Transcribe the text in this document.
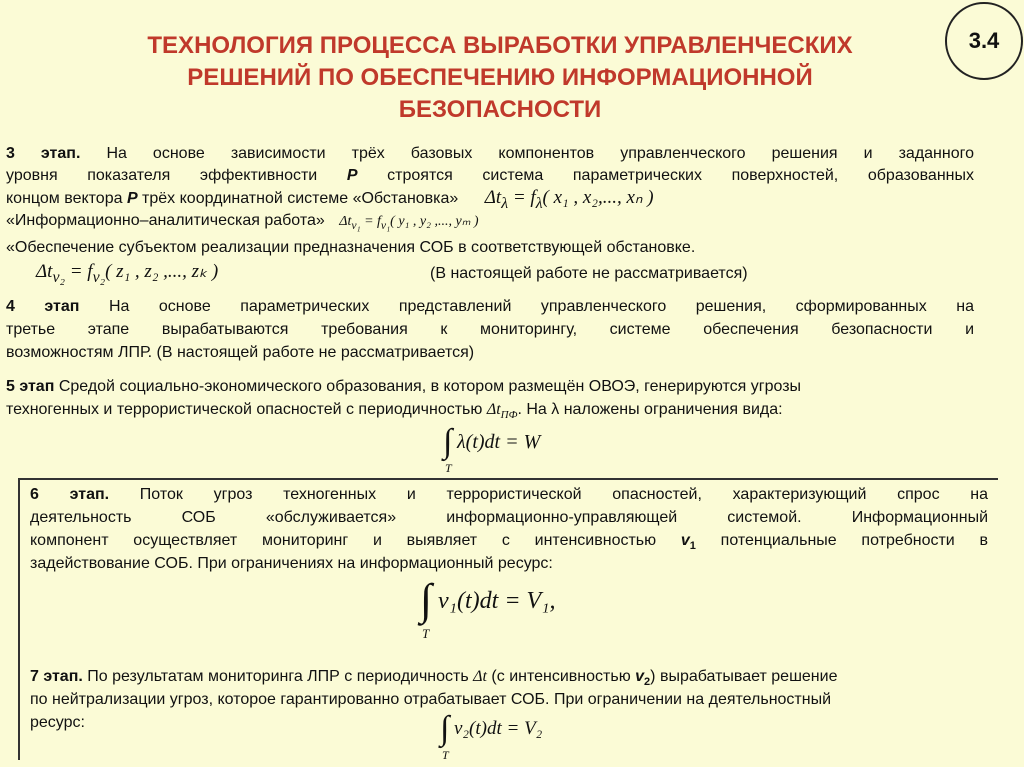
ТЕХНОЛОГИЯ ПРОЦЕССА ВЫРАБОТКИ УПРАВЛЕНЧЕСКИХ
РЕШЕНИЙ ПО ОБЕСПЕЧЕНИЮ ИНФОРМАЦИОННОЙ
БЕЗОПАСНОСТИ
3.4
3 этап. На основе зависимости трёх базовых компонентов управленческого решения и заданного
уровня показателя эффективности P строятся система параметрических поверхностей, образованных
концом вектора P трёх координатной системе «Обстановка» $\Delta t_\lambda = f_\lambda$( x₁ , x₂,..., xₙ )
«Информационно–аналитическая работа» $\Delta t_{v_1} = f_{v_1}$( y₁ , y₂ ,..., yₘ )
«Обеспечение субъектом реализации предназначения СОБ в соответствующей обстановке.
$\Delta t_{v_2} = f_{v_2}$( z₁ , z₂ ,..., zₖ )	(В настоящей работе не рассматривается)
4 этап На основе параметрических представлений управленческого решения, сформированных на
третье этапе вырабатываются требования к мониторингу, системе обеспечения безопасности и
возможностям ЛПР. (В настоящей работе не рассматривается)
5 этап Средой социально-экономического образования, в котором размещён ОВОЭ, генерируются угрозы
техногенных и террористической опасностей с периодичностью $\Delta t_{ПФ}$. На λ наложены ограничения вида:
∫
T
λ(t)dt = W
6 этап. Поток угроз техногенных и террористической опасностей, характеризующий спрос на
деятельность СОБ «обслуживается» информационно-управляющей системой. Информационный
компонент осуществляет мониторинг и выявляет с интенсивностью $v_1$ потенциальные потребности в
задействование СОБ. При ограничениях на информационный ресурс:
∫
T
v₁(t)dt = V₁,
7 этап. По результатам мониторинга ЛПР с периодичность Δt (с интенсивностью $v_2$) вырабатывает решение
по нейтрализации угроз, которое гарантированно отрабатывает СОБ. При ограничении на деятельностный
ресурс:	∫
T
v₂(t)dt = V₂
